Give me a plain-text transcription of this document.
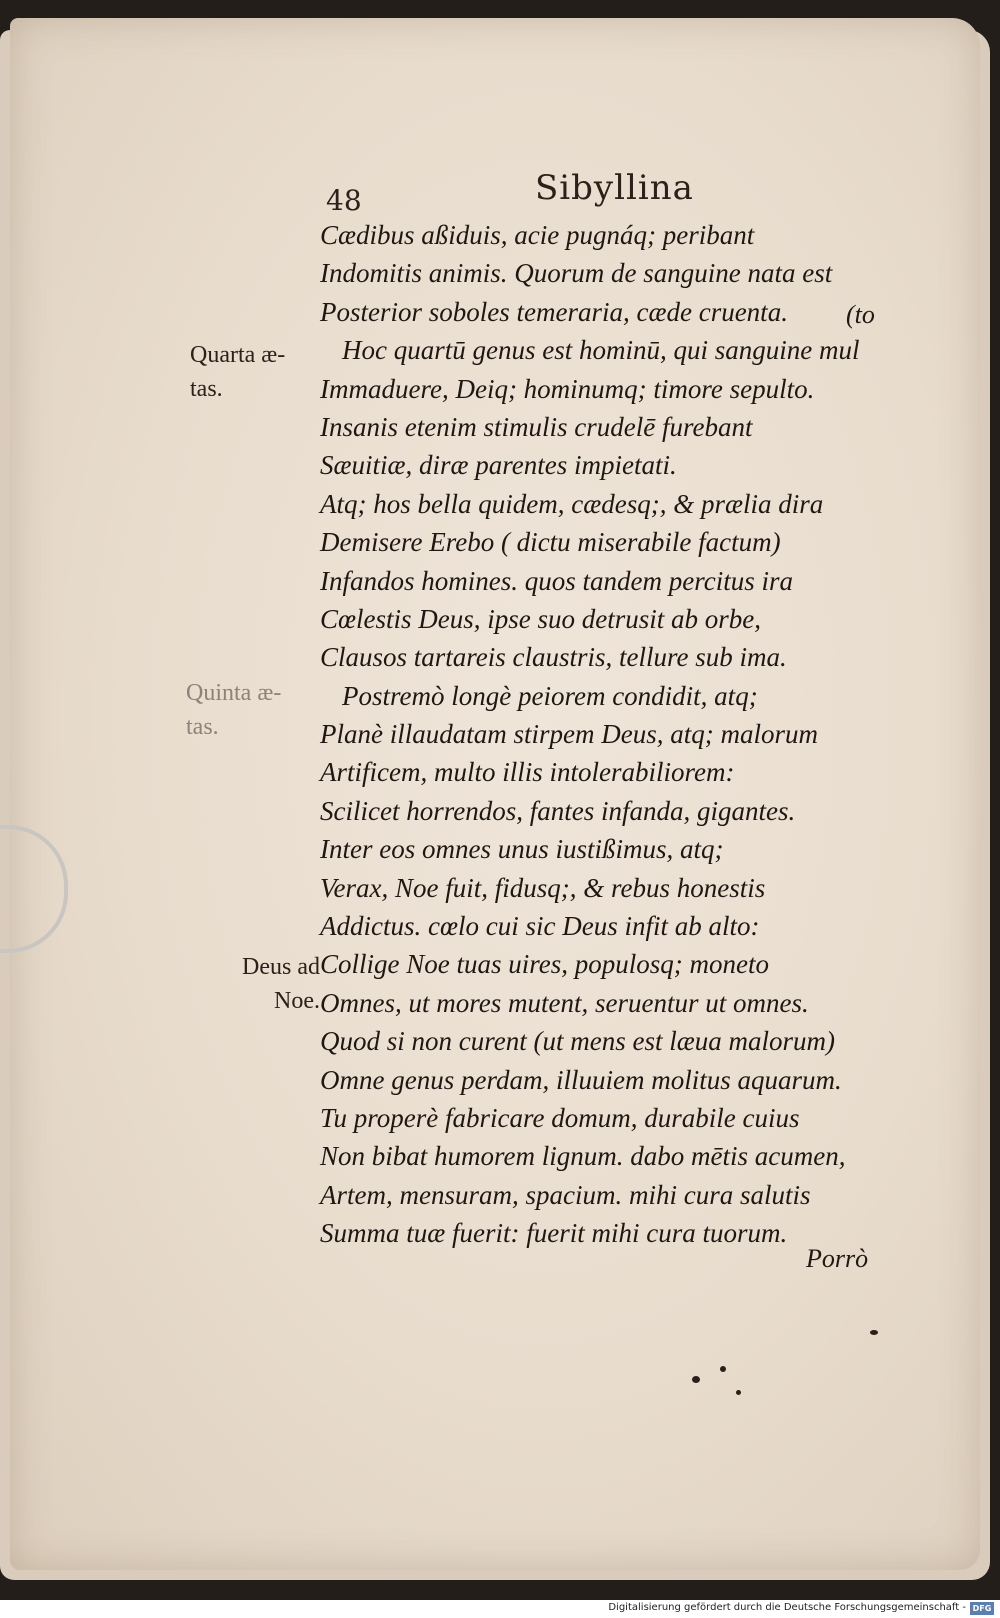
48	Sibyllina
Cædibus aßiduis, acie pugnáq; peribant
Indomitis animis. Quorum de sanguine nata est
Posterior soboles temeraria, cæde cruenta.
Hoc quartū genus est hominū, qui sanguine mul
Immaduere, Deiq; hominumq; timore sepulto.
Insanis etenim stimulis crudelē furebant
Sæuitiæ, diræ parentes impietati.
Atq; hos bella quidem, cædesq;, & prælia dira
Demisere Erebo ( dictu miserabile factum)
Infandos homines. quos tandem percitus ira
Cœlestis Deus, ipse suo detrusit ab orbe,
Clausos tartareis claustris, tellure sub ima.
Postremò longè peiorem condidit, atq;
Planè illaudatam stirpem Deus, atq; malorum
Artificem, multo illis intolerabiliorem:
Scilicet horrendos, fantes infanda, gigantes.
Inter eos omnes unus iustißimus, atq;
Verax, Noe fuit, fidusq;, & rebus honestis
Addictus. cœlo cui sic Deus infit ab alto:
Collige Noe tuas uires, populosq; moneto
Omnes, ut mores mutent, seruentur ut omnes.
Quod si non curent (ut mens est læua malorum)
Omne genus perdam, illuuiem molitus aquarum.
Tu properè fabricare domum, durabile cuius
Non bibat humorem lignum. dabo mētis acumen,
Artem, mensuram, spacium. mihi cura salutis
Summa tuæ fuerit: fuerit mihi cura tuorum.
(to
Quarta æ-
tas.
Quinta æ-
tas.
Deus ad
Noe.
Porrò
Digitalisierung gefördert durch die Deutsche Forschungsgemeinschaft - DFG
